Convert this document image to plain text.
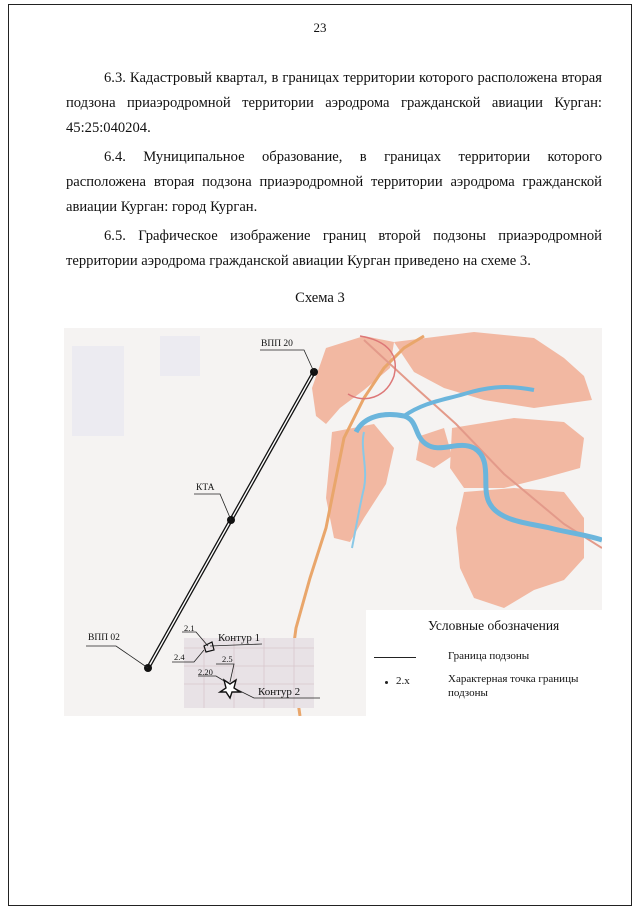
23

6.3. Кадастровый квартал, в границах территории которого расположена вторая подзона приаэродромной территории аэродрома гражданской авиации Курган: 45:25:040204.

6.4. Муниципальное образование, в границах территории которого расположена вторая подзона приаэродромной территории аэродрома гражданской авиации Курган: город Курган.

6.5. Графическое изображение границ второй подзоны приаэродромной территории аэродрома гражданской авиации Курган приведено на схеме 3.

Схема 3
ВПП 20
КТА
ВПП 02
2.1
2.4	2.5
2.20
Контур 1
Контур 2
Условные обозначения
Граница подзоны
2.х	Характерная точка границы подзоны
